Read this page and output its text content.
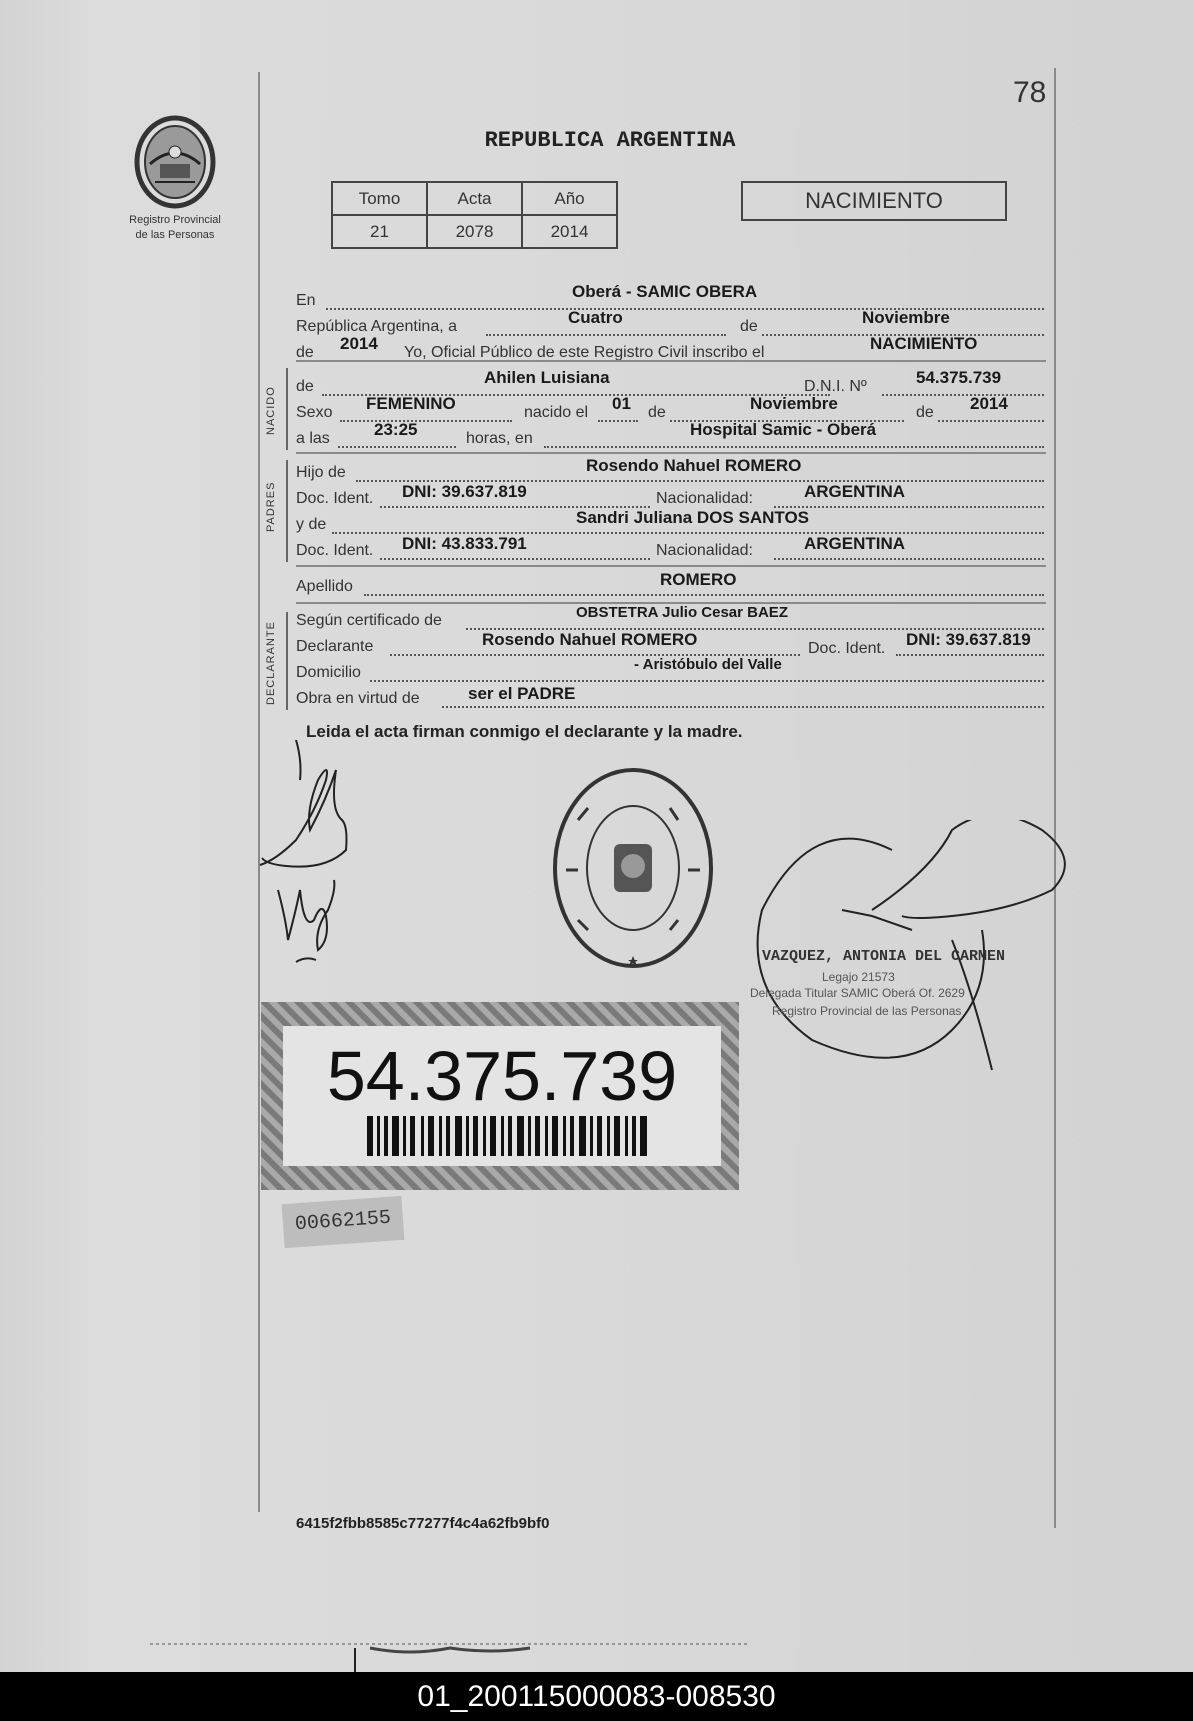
78
Registro Provincial
de las Personas
REPUBLICA ARGENTINA
Tomo	Acta	Año
21	2078	2014
NACIMIENTO
En	Oberá - SAMIC OBERA
República Argentina, a	Cuatro	de	Noviembre
de 2014 Yo, Oficial Público de este Registro Civil inscribo el	NACIMIENTO
NACIDO de	Ahilen Luisiana	D.N.I. Nº	54.375.739
Sexo FEMENINO	nacido el 01 de	Noviembre	de 2014
a las	23:25	horas, en	Hospital Samic - Oberá
PADRES
Hijo de	Rosendo Nahuel ROMERO
Doc. Ident. DNI: 39.637.819	Nacionalidad:	ARGENTINA
y de	Sandri Juliana DOS SANTOS
Doc. Ident. DNI: 43.833.791	Nacionalidad:	ARGENTINA
Apellido	ROMERO
DECLARANTE
Según certificado de	OBSTETRA Julio Cesar BAEZ
Declarante	Rosendo Nahuel ROMERO	Doc. Ident. DNI: 39.637.819
Domicilio	- Aristóbulo del Valle
Obra en virtud de	ser el PADRE
Leida el acta firman conmigo el declarante y la madre.
VAZQUEZ, ANTONIA DEL CARMEN
Legajo 21573
Delegada Titular SAMIC Oberá Of. 2629
Registro Provincial de las Personas
54.375.739
00662155
6415f2fbb8585c77277f4c4a62fb9bf0
01_200115000083-008530
